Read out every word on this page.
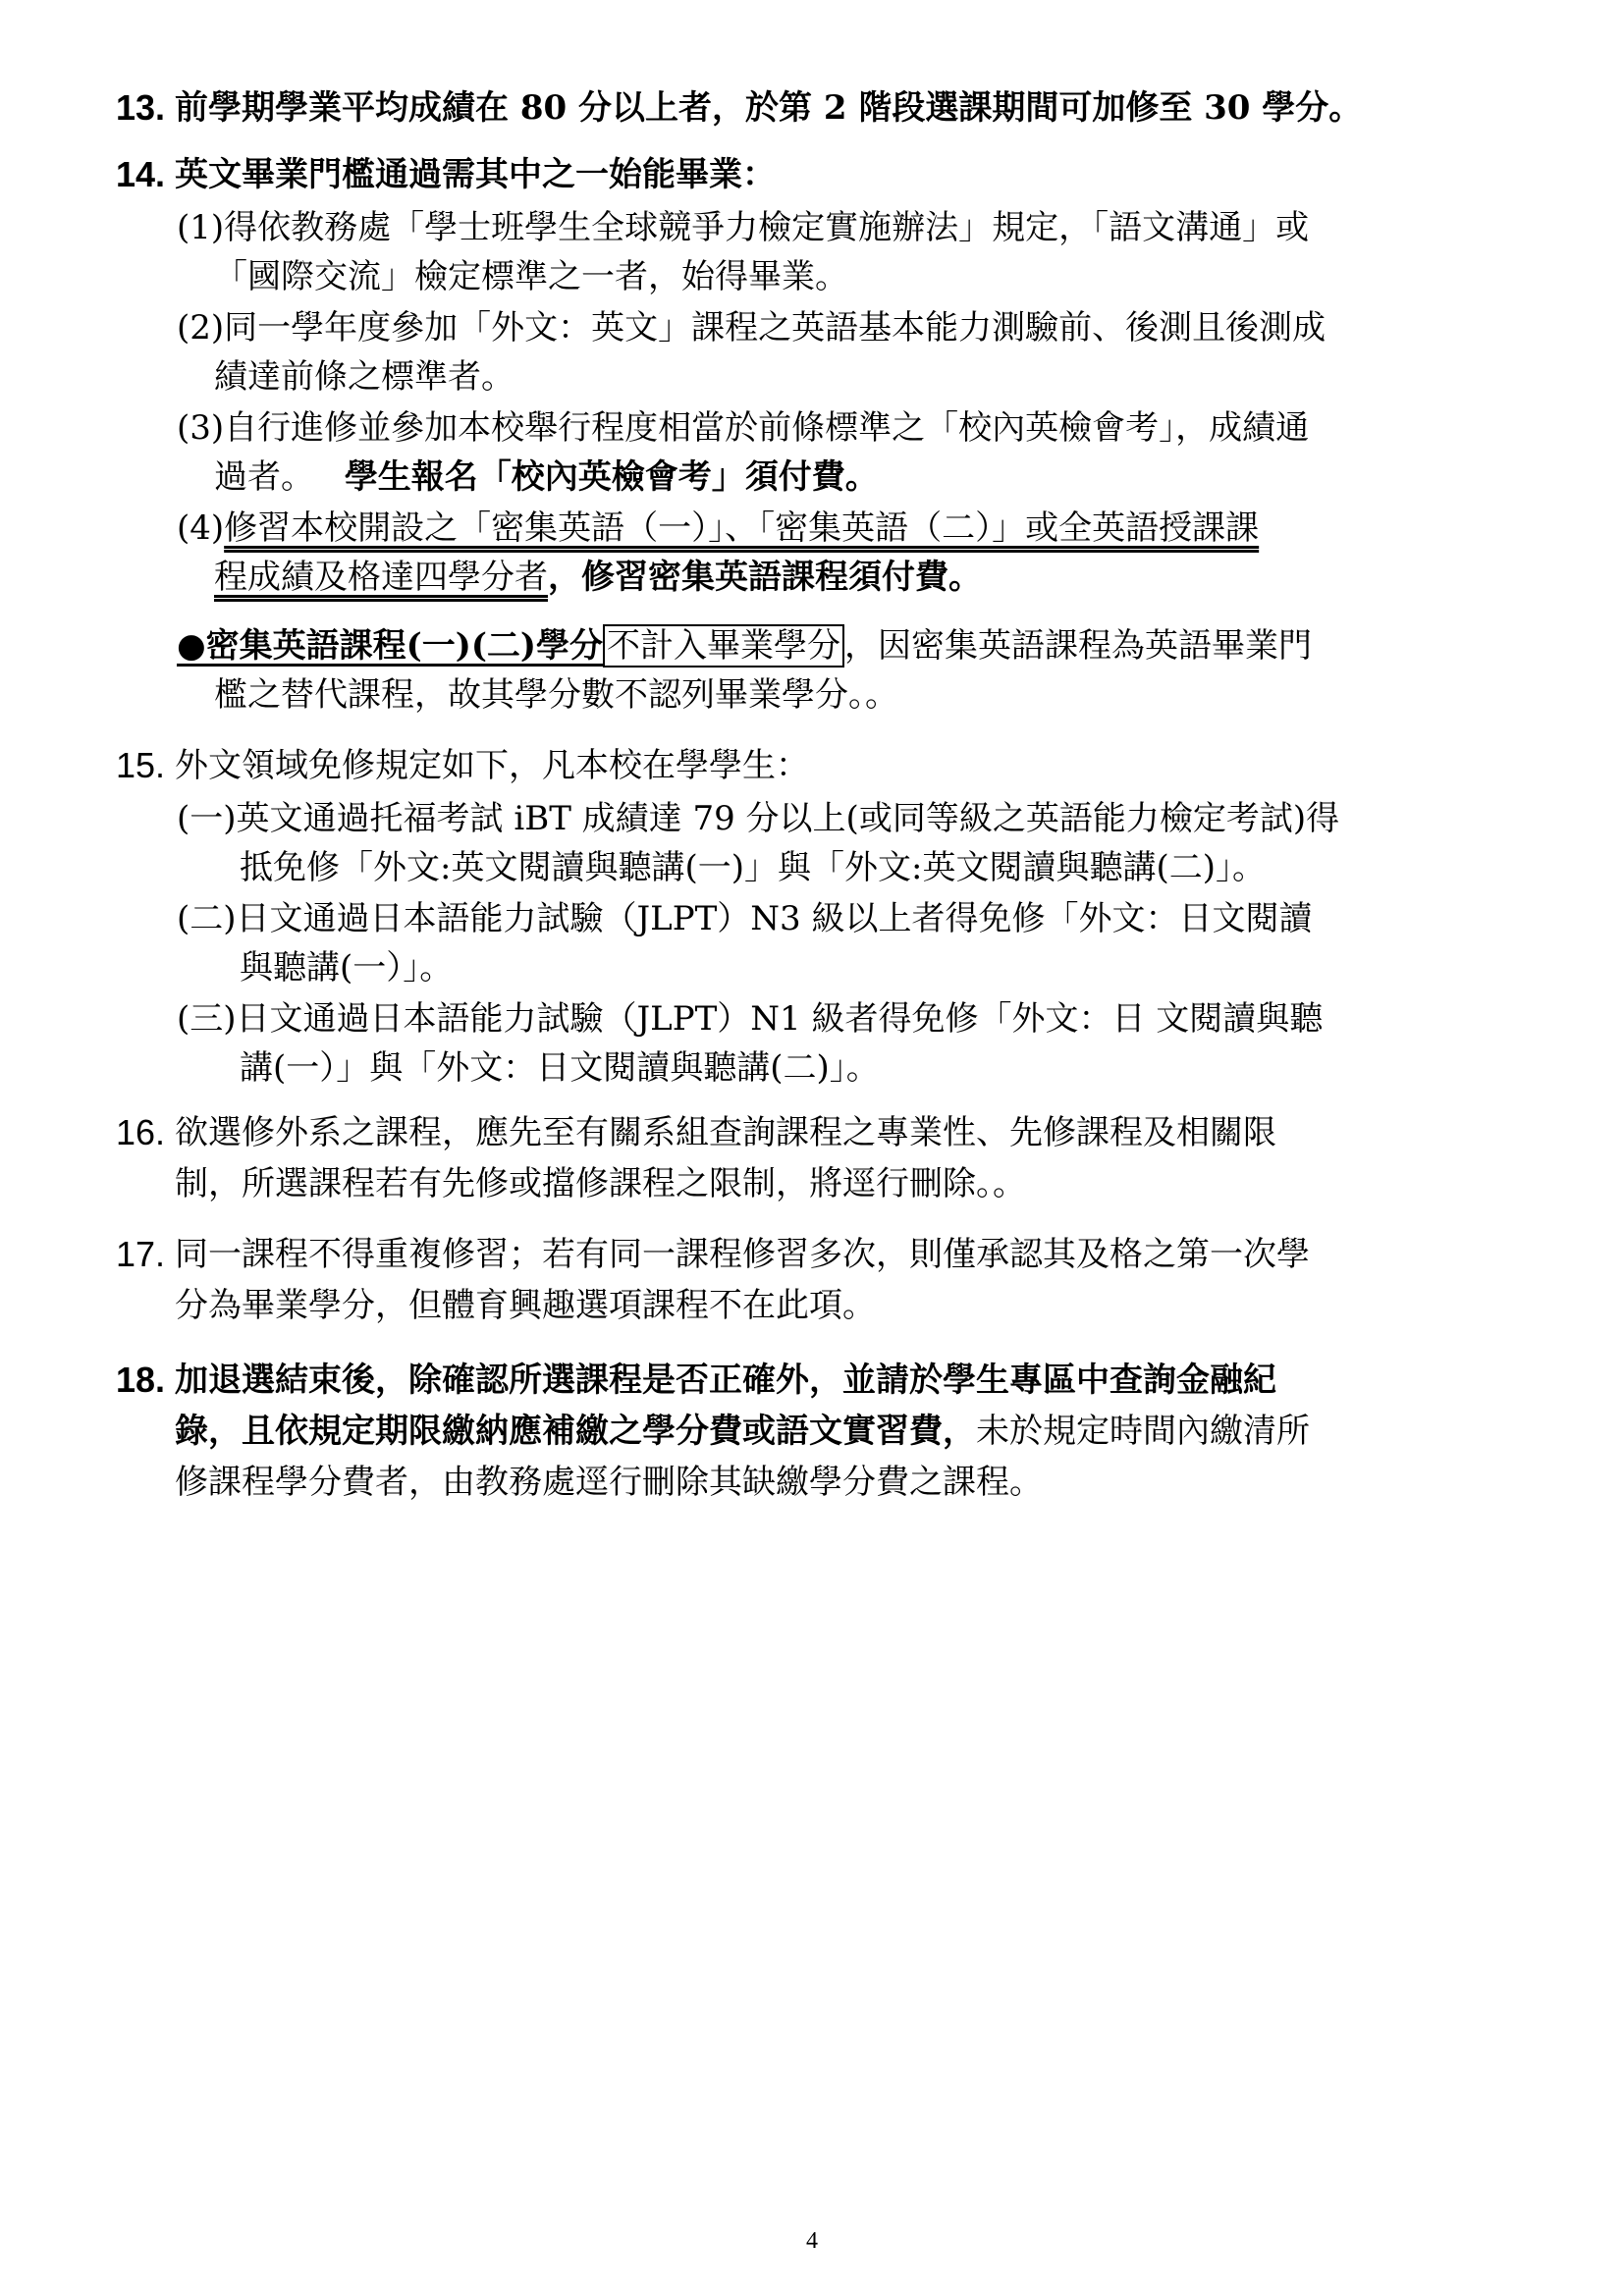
13. 前學期學業平均成績在 80 分以上者，於第 2 階段選課期間可加修至 30 學分。
14. 英文畢業門檻通過需其中之一始能畢業：
(1)得依教務處「學士班學生全球競爭力檢定實施辦法」規定，「語文溝通」或
「國際交流」檢定標準之一者，始得畢業。
(2)同一學年度參加「外文：英文」課程之英語基本能力測驗前、後測且後測成
績達前條之標準者。
(3)自行進修並參加本校舉行程度相當於前條標準之「校內英檢會考」，成績通
過者。 學生報名「校內英檢會考」須付費。
(4)修習本校開設之「密集英語（一）」、「密集英語（二）」或全英語授課課
程成績及格達四學分者，修習密集英語課程須付費。
●密集英語課程(一)(二)學分 不計入畢業學分 ，因密集英語課程為英語畢業門
檻之替代課程，故其學分數不認列畢業學分。。
15. 外文領域免修規定如下，凡本校在學學生：
(一)英文通過托福考試 iBT 成績達 79 分以上(或同等級之英語能力檢定考試)得
抵免修「外文:英文閱讀與聽講(一)」與「外文:英文閱讀與聽講(二)」。
(二)日文通過日本語能力試驗（JLPT）N3 級以上者得免修「外文：日文閱讀
與聽講(一）」。
(三)日文通過日本語能力試驗（JLPT）N1 級者得免修「外文：日 文閱讀與聽
講(一）」與「外文：日文閱讀與聽講(二)」。
16. 欲選修外系之課程，應先至有關系組查詢課程之專業性、先修課程及相關限
制，所選課程若有先修或擋修課程之限制，將逕行刪除。。
17. 同一課程不得重複修習；若有同一課程修習多次，則僅承認其及格之第一次學
分為畢業學分，但體育興趣選項課程不在此項。
18. 加退選結束後，除確認所選課程是否正確外，並請於學生專區中查詢金融紀
錄，且依規定期限繳納應補繳之學分費或語文實習費，未於規定時間內繳清所
修課程學分費者，由教務處逕行刪除其缺繳學分費之課程。
4
